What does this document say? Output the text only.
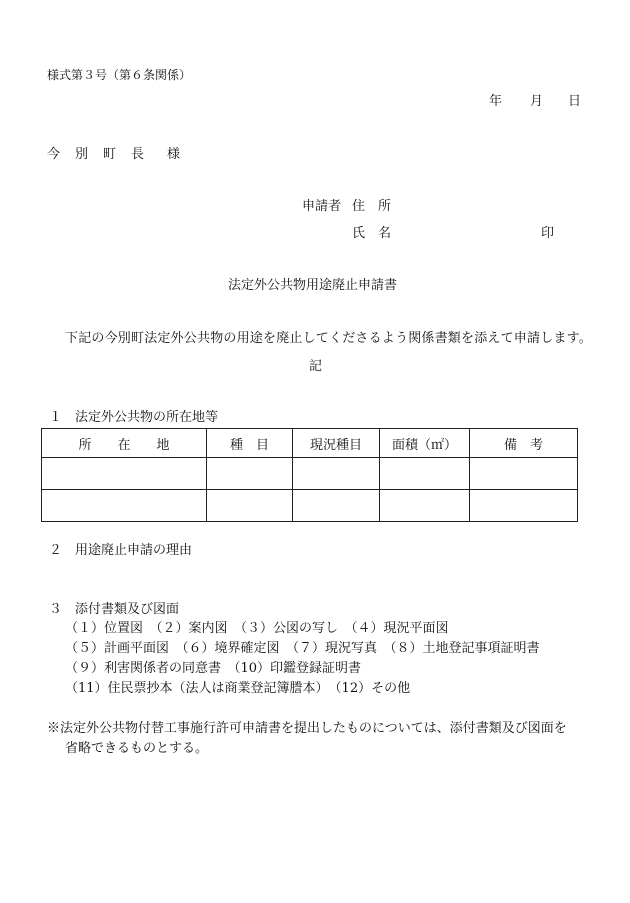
様式第３号（第６条関係）
年 月 日
今　別　町　長 様
申請者 住　所
氏　名	印
法定外公共物用途廃止申請書
下記の今別町法定外公共物の用途を廃止してくださるよう関係書類を添えて申請します。
記
１　法定外公共物の所在地等
所　　在　　地	種　目	現況種目	面積（㎡）	備　考

２　用途廃止申請の理由
３　添付書類及び図面
（１）位置図　（２）案内図　（３）公図の写し　（４）現況平面図
（５）計画平面図　（６）境界確定図　（７）現況写真　（８）土地登記事項証明書
（９）利害関係者の同意書　（10）印鑑登録証明書
（11）住民票抄本（法人は商業登記簿謄本）　（12）その他
※法定外公共物付替工事施行許可申請書を提出したものについては、添付書類及び図面を
省略できるものとする。
